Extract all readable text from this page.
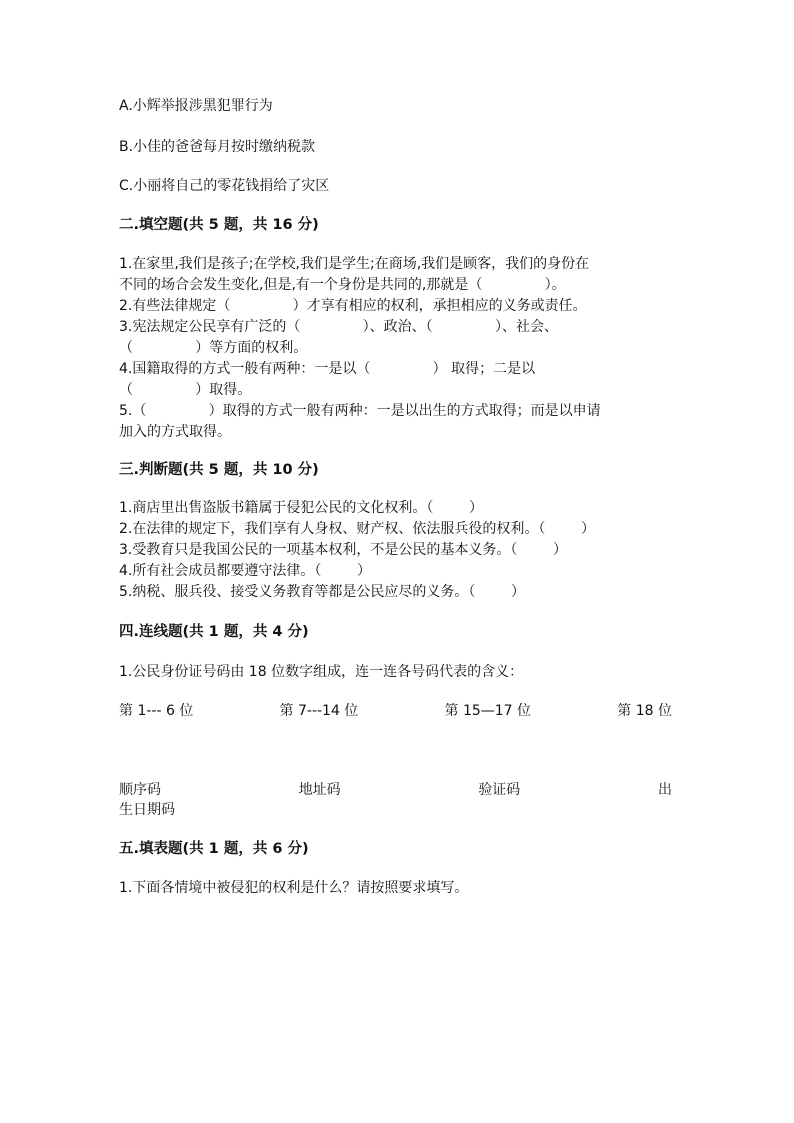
A.小辉举报涉黑犯罪行为
B.小佳的爸爸每月按时缴纳税款
C.小丽将自己的零花钱捐给了灾区
二.填空题(共 5 题，共 16 分)

1.在家里,我们是孩子;在学校,我们是学生;在商场,我们是顾客，我们的身份在

不同的场合会发生变化,但是,有一个身份是共同的,那就是（              ）。

2.有些法律规定（              ）才享有相应的权利，承担相应的义务或责任。

3.宪法规定公民享有广泛的（              ）、政治、（              ）、社会、

（              ）等方面的权利。

4.国籍取得的方式一般有两种：一是以（              ） 取得；二是以

（              ）取得。

5.（              ）取得的方式一般有两种：一是以出生的方式取得；而是以申请

加入的方式取得。

三.判断题(共 5 题，共 10 分)

1.商店里出售盗版书籍属于侵犯公民的文化权利。（        ）

2.在法律的规定下，我们享有人身权、财产权、依法服兵役的权利。（        ）

3.受教育只是我国公民的一项基本权利，不是公民的基本义务。（        ）

4.所有社会成员都要遵守法律。（        ）

5.纳税、服兵役、接受义务教育等都是公民应尽的义务。（        ）

四.连线题(共 1 题，共 4 分)
1.公民身份证号码由 18 位数字组成，连一连各号码代表的含义：
第 1--- 6 位	第 7---14 位	第 15—17 位	第 18 位
顺序码	地址码	验证码	出
生日期码
五.填表题(共 1 题，共 6 分)
1.下面各情境中被侵犯的权利是什么？请按照要求填写。
